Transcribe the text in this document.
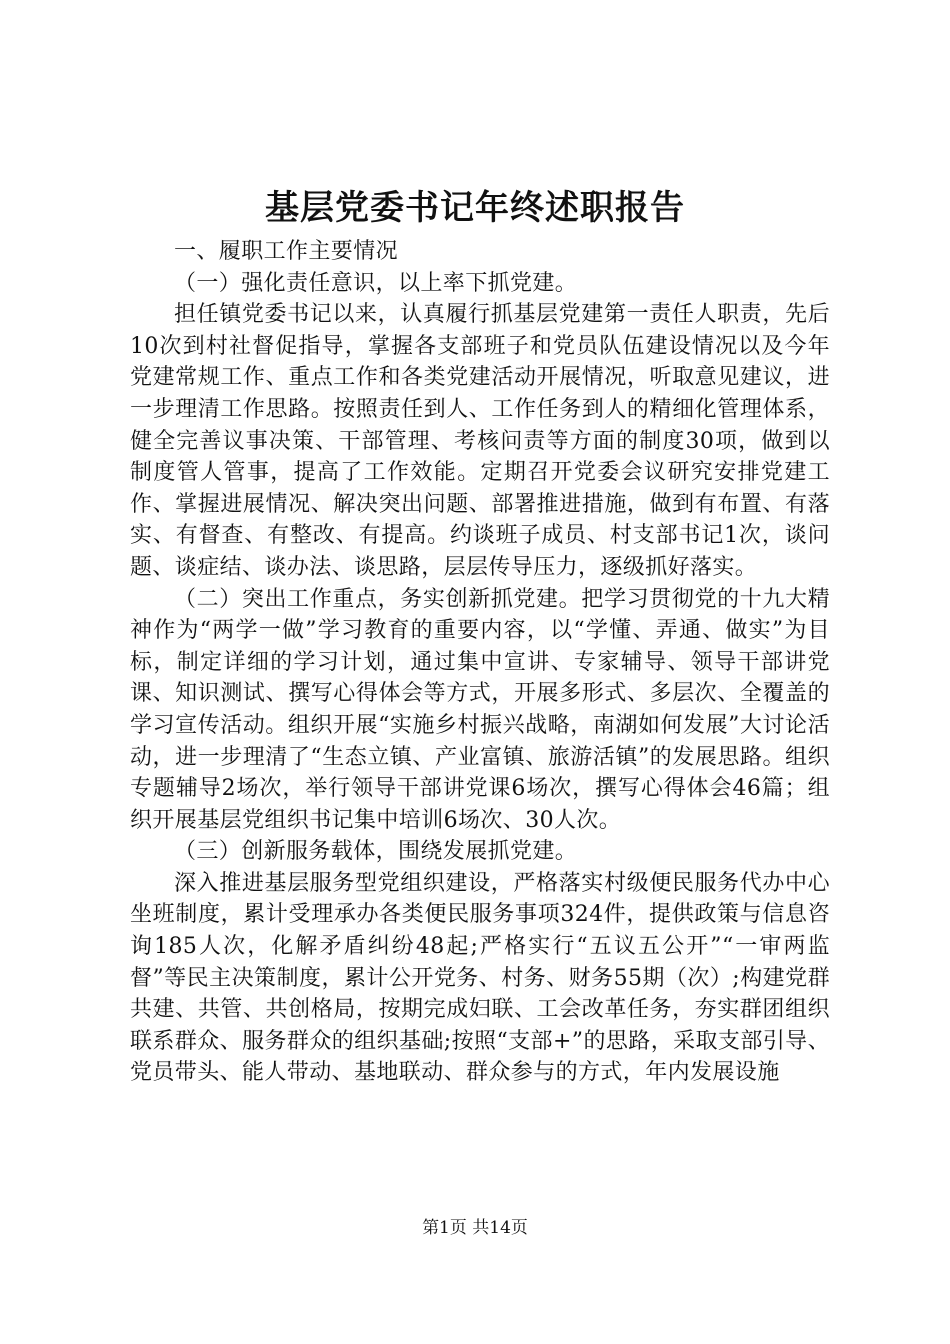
基层党委书记年终述职报告

一、履职工作主要情况

（一）强化责任意识，以上率下抓党建。

担任镇党委书记以来，认真履行抓基层党建第一责任人职责，先后10次到村社督促指导，掌握各支部班子和党员队伍建设情况以及今年党建常规工作、重点工作和各类党建活动开展情况，听取意见建议，进一步理清工作思路。按照责任到人、工作任务到人的精细化管理体系，健全完善议事决策、干部管理、考核问责等方面的制度30项，做到以制度管人管事，提高了工作效能。定期召开党委会议研究安排党建工作、掌握进展情况、解决突出问题、部署推进措施，做到有布置、有落实、有督查、有整改、有提高。约谈班子成员、村支部书记1次，谈问题、谈症结、谈办法、谈思路，层层传导压力，逐级抓好落实。

（二）突出工作重点，务实创新抓党建。把学习贯彻党的十九大精神作为“两学一做”学习教育的重要内容，以“学懂、弄通、做实”为目标，制定详细的学习计划，通过集中宣讲、专家辅导、领导干部讲党课、知识测试、撰写心得体会等方式，开展多形式、多层次、全覆盖的学习宣传活动。组织开展“实施乡村振兴战略，南湖如何发展”大讨论活动，进一步理清了“生态立镇、产业富镇、旅游活镇”的发展思路。组织专题辅导2场次，举行领导干部讲党课6场次，撰写心得体会46篇；组织开展基层党组织书记集中培训6场次、30人次。

（三）创新服务载体，围绕发展抓党建。

深入推进基层服务型党组织建设，严格落实村级便民服务代办中心坐班制度，累计受理承办各类便民服务事项324件，提供政策与信息咨询185人次，化解矛盾纠纷48起;严格实行“五议五公开”“一审两监督”等民主决策制度，累计公开党务、村务、财务55期（次）;构建党群共建、共管、共创格局，按期完成妇联、工会改革任务，夯实群团组织联系群众、服务群众的组织基础;按照“支部+”的思路，采取支部引导、党员带头、能人带动、基地联动、群众参与的方式，年内发展设施

第1页 共14页
